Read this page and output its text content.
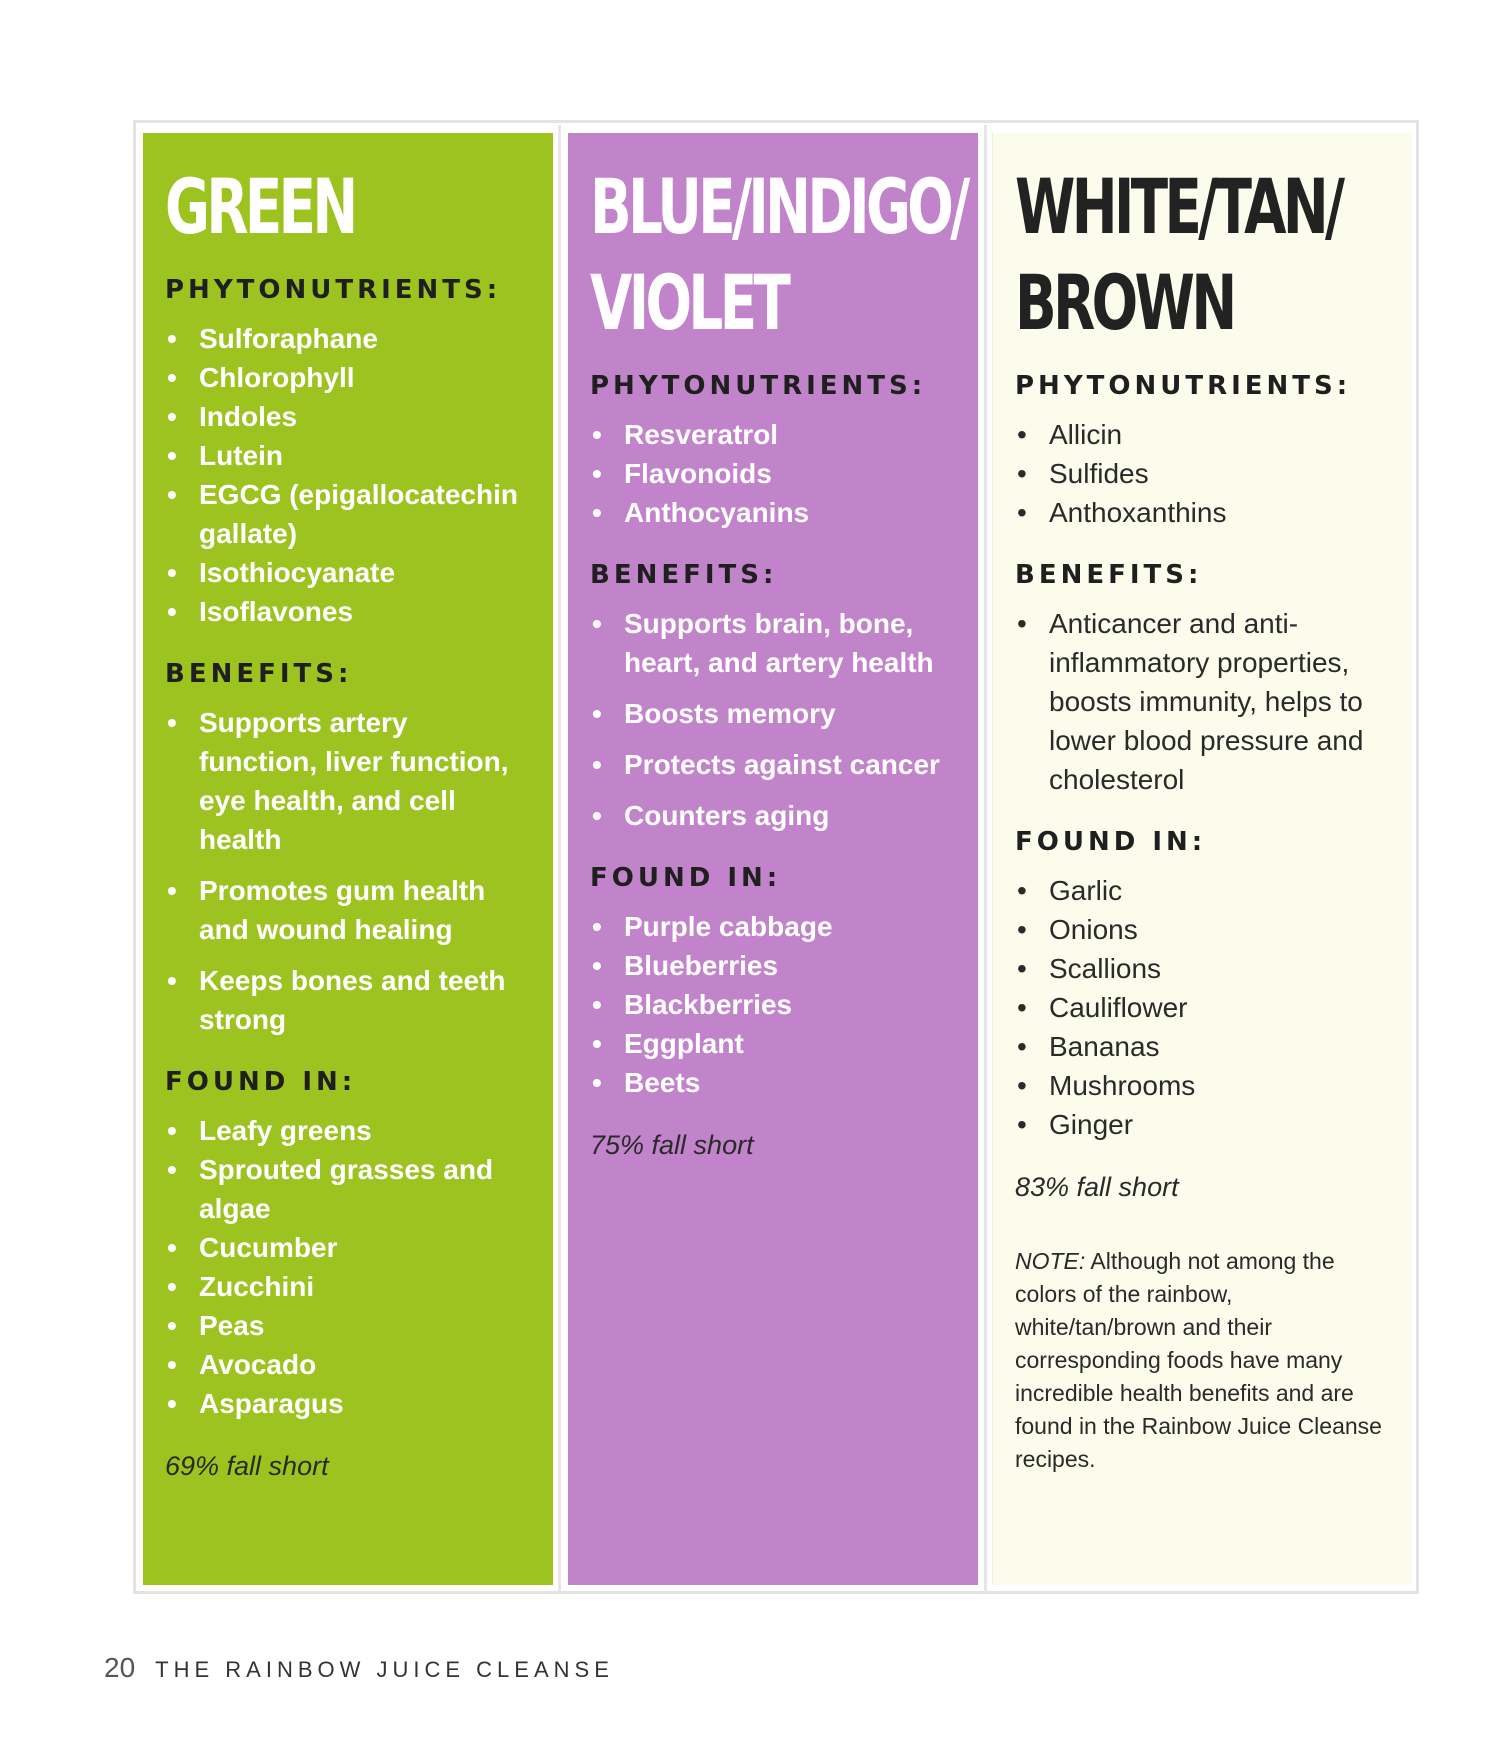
GREEN
PHYTONUTRIENTS:
• Sulforaphane
• Chlorophyll
• Indoles
• Lutein
• EGCG (epigallocatechin gallate)
• Isothiocyanate
• Isoflavones
BENEFITS:
• Supports artery function, liver function, eye health, and cell health
• Promotes gum health and wound healing
• Keeps bones and teeth strong
FOUND IN:
• Leafy greens
• Sprouted grasses and algae
• Cucumber
• Zucchini
• Peas
• Avocado
• Asparagus

69% fall short

BLUE/INDIGO/
VIOLET
PHYTONUTRIENTS:
• Resveratrol
• Flavonoids
• Anthocyanins
BENEFITS:
• Supports brain, bone, heart, and artery health
• Boosts memory
• Protects against cancer
• Counters aging
FOUND IN:
• Purple cabbage
• Blueberries
• Blackberries
• Eggplant
• Beets

75% fall short

WHITE/TAN/
BROWN
PHYTONUTRIENTS:
• Allicin
• Sulfides
• Anthoxanthins
BENEFITS:
• Anticancer and anti-inflammatory properties, boosts immunity, helps to lower blood pressure and cholesterol
FOUND IN:
• Garlic
• Onions
• Scallions
• Cauliflower
• Bananas
• Mushrooms
• Ginger

83% fall short

NOTE: Although not among the colors of the rainbow, white/tan/brown and their corresponding foods have many incredible health benefits and are found in the Rainbow Juice Cleanse recipes.

20 THE RAINBOW JUICE CLEANSE
